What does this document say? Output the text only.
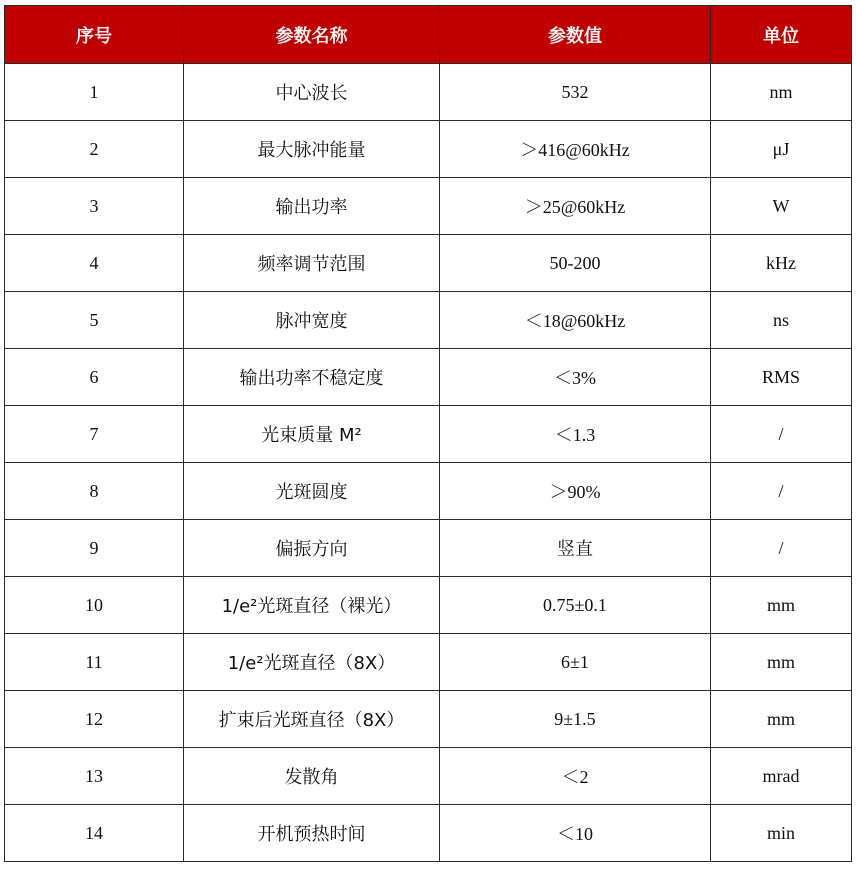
序号	参数名称	参数值	单位
1	中心波长	532	nm
2	最大脉冲能量	＞416@60kHz	μJ
3	输出功率	＞25@60kHz	W
4	频率调节范围	50-200	kHz
5	脉冲宽度	＜18@60kHz	ns
6	输出功率不稳定度	＜3%	RMS
7	光束质量 M²	＜1.3	/
8	光斑圆度	＞90%	/
9	偏振方向	竖直	/
10	1/e²光斑直径（裸光）	0.75±0.1	mm
11	1/e²光斑直径（8X）	6±1	mm
12	扩束后光斑直径（8X）	9±1.5	mm
13	发散角	＜2	mrad
14	开机预热时间	＜10	min
